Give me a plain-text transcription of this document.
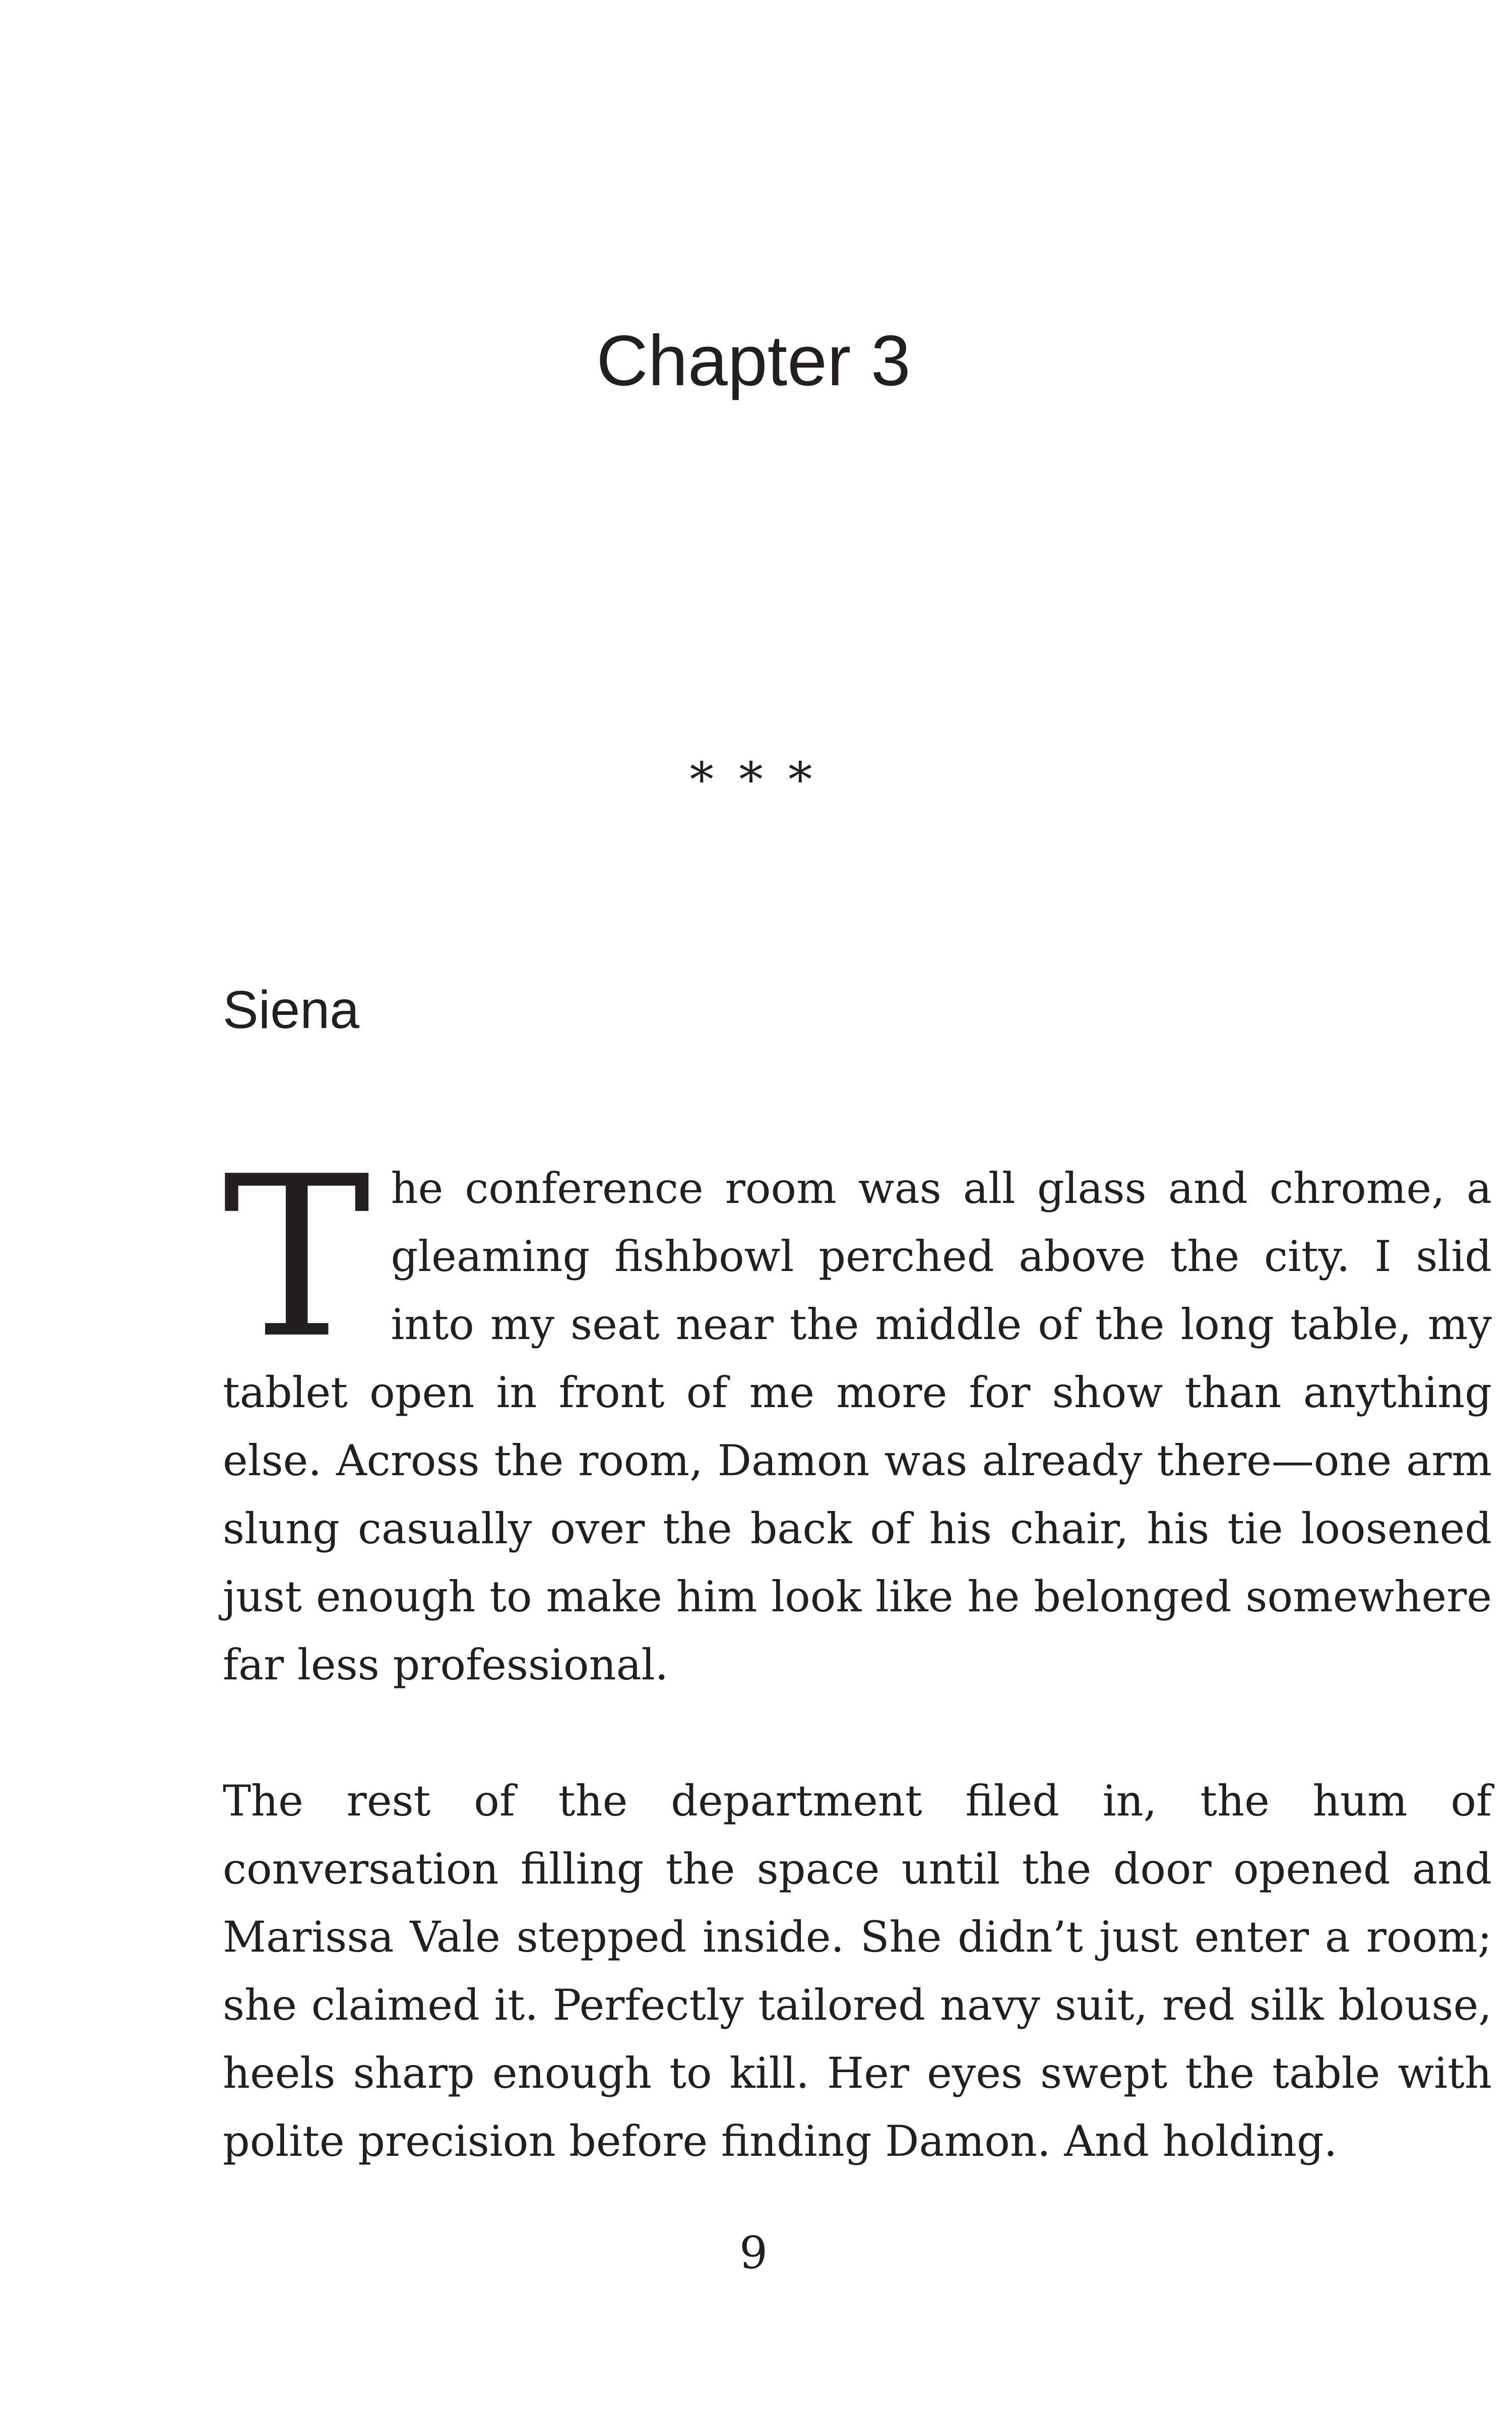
Chapter 3
* * *
Siena

The conference room was all glass and chrome, a gleaming fishbowl perched above the city. I slid into my seat near the middle of the long table, my tablet open in front of me more for show than anything else. Across the room, Damon was already there—one arm slung casually over the back of his chair, his tie loosened just enough to make him look like he belonged somewhere far less professional.

The rest of the department filed in, the hum of conversation filling the space until the door opened and Marissa Vale stepped inside. She didn’t just enter a room; she claimed it. Perfectly tailored navy suit, red silk blouse, heels sharp enough to kill. Her eyes swept the table with polite precision before finding Damon. And holding.

9
